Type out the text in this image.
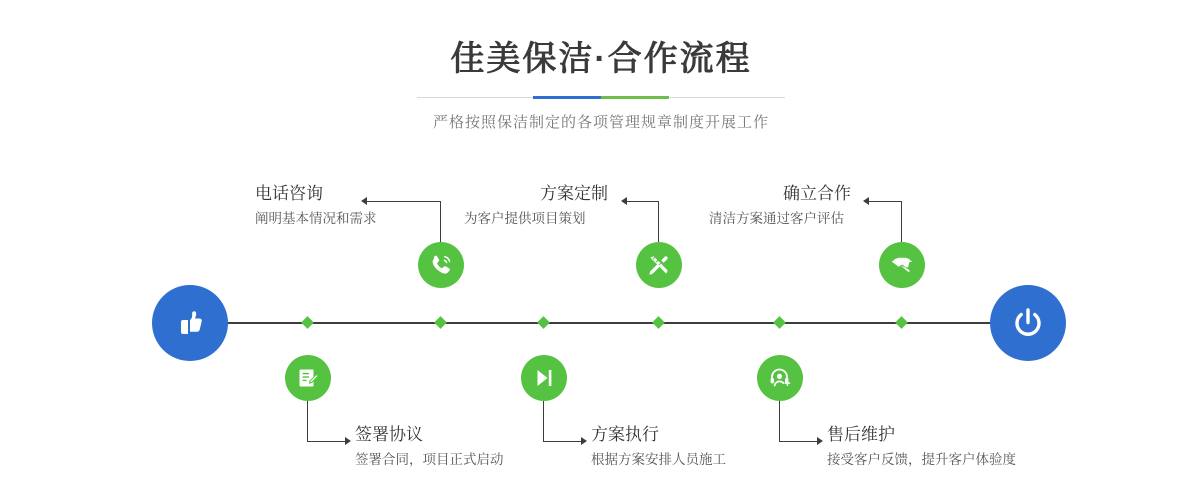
佳美保洁·合作流程

严格按照保洁制定的各项管理规章制度开展工作

电话咨询
阐明基本情况和需求
签署协议
签署合同，项目正式启动
方案定制
为客户提供项目策划
方案执行
根据方案安排人员施工
确立合作
清洁方案通过客户评估
售后维护
接受客户反馈，提升客户体验度
